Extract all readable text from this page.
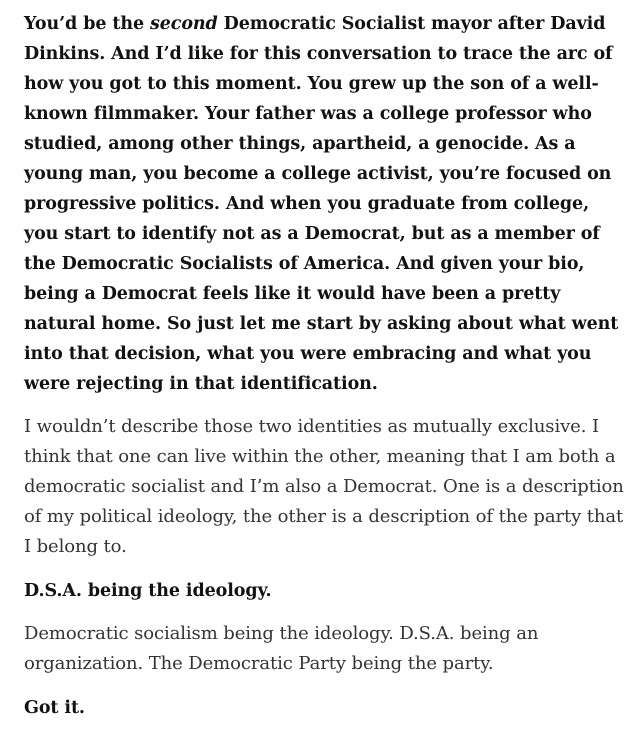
You’d be the second Democratic Socialist mayor after David Dinkins. And I’d like for this conversation to trace the arc of how you got to this moment. You grew up the son of a well-known filmmaker. Your father was a college professor who studied, among other things, apartheid, a genocide. As a young man, you become a college activist, you’re focused on progressive politics. And when you graduate from college, you start to identify not as a Democrat, but as a member of the Democratic Socialists of America. And given your bio, being a Democrat feels like it would have been a pretty natural home. So just let me start by asking about what went into that decision, what you were embracing and what you were rejecting in that identification.

I wouldn’t describe those two identities as mutually exclusive. I think that one can live within the other, meaning that I am both a democratic socialist and I’m also a Democrat. One is a description of my political ideology, the other is a description of the party that I belong to.

D.S.A. being the ideology.

Democratic socialism being the ideology. D.S.A. being an organization. The Democratic Party being the party.

Got it.
